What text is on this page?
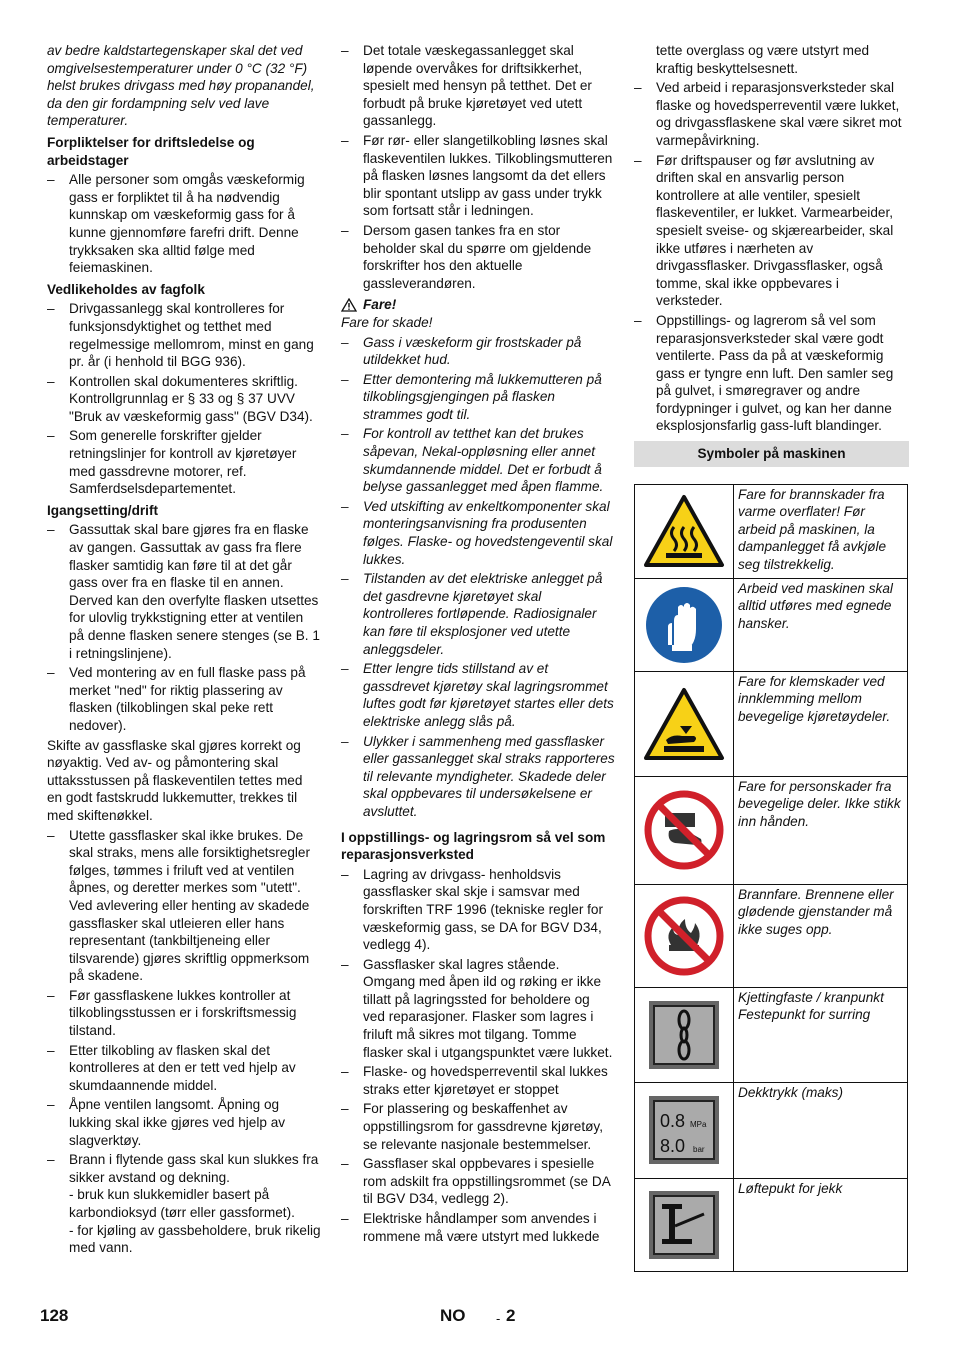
av bedre kaldstartegenskaper skal det ved omgivelsestemperaturer under 0 °C (32 °F) helst brukes drivgass med høy propanandel, da den gir fordampning selv ved lave temperaturer.

Forpliktelser for driftsledelse og arbeidstager

– Alle personer som omgås væskeformig gass er forpliktet til å ha nødvendig kunnskap om væskeformig gass for å kunne gjennomføre farefri drift. Denne trykksaken ska alltid følge med feiemaskinen.

Vedlikeholdes av fagfolk

– Drivgassanlegg skal kontrolleres for funksjonsdyktighet og tetthet med regelmessige mellomrom, minst en gang pr. år (i henhold til BGG 936).
– Kontrollen skal dokumenteres skriftlig. Kontrollgrunnlag er § 33 og § 37 UVV "Bruk av væskeformig gass" (BGV D34).
– Som generelle forskrifter gjelder retningslinjer for kontroll av kjøretøyer med gassdrevne motorer, ref. Samferdselsdepartementet.

Igangsetting/drift

– Gassuttak skal bare gjøres fra en flaske av gangen. Gassuttak av gass fra flere flasker samtidig kan føre til at det går gass over fra en flaske til en annen. Derved kan den overfylte flasken utsettes for ulovlig trykkstigning etter at ventilen på denne flasken senere stenges (se B. 1 i retningslinjene).
– Ved montering av en full flaske pass på merket "ned" for riktig plassering av flasken (tilkoblingen skal peke rett nedover).

Skifte av gassflaske skal gjøres korrekt og nøyaktig. Ved av- og påmontering skal uttaksstussen på flaskeventilen tettes med en godt fastskrudd lukkemutter, trekkes til med skiftenøkkel.

– Utette gassflasker skal ikke brukes. De skal straks, mens alle forsiktighetsregler følges, tømmes i friluft ved at ventilen åpnes, og deretter merkes som "utett". Ved avlevering eller henting av skadede gassflasker skal utleieren eller hans representant (tankbiltjeneing eller tilsvarende) gjøres skriftlig oppmerksom på skadene.
– Før gassflaskene lukkes kontroller at tilkoblingsstussen er i forskriftsmessig tilstand.
– Etter tilkobling av flasken skal det kontrolleres at den er tett ved hjelp av skumdaannende middel.
– Åpne ventilen langsomt. Åpning og lukking skal ikke gjøres ved hjelp av slagverktøy.
– Brann i flytende gass skal kun slukkes fra sikker avstand og dekning.

- bruk kun slukkemidler basert på karbondioksyd (tørr eller gassformet).

- for kjøling av gassbeholdere, bruk rikelig med vann.

– Det totale væskegassanlegget skal løpende overvåkes for driftsikkerhet, spesielt med hensyn på tetthet. Det er forbudt på bruke kjøretøyet ved utett gassanlegg.
– Før rør- eller slangetilkobling løsnes skal flaskeventilen lukkes. Tilkoblingsmutteren på flasken løsnes langsomt da det ellers blir spontant utslipp av gass under trykk som fortsatt står i ledningen.
– Dersom gasen tankes fra en stor beholder skal du spørre om gjeldende forskrifter hos den aktuelle gassleverandøren.
Fare!

Fare for skade!

– Gass i væskeform gir frostskader på utildekket hud.
– Etter demontering må lukkemutteren på tilkoblingsgjengingen på flasken strammes godt til.
– For kontroll av tetthet kan det brukes såpevan, Nekal-oppløsning eller annet skumdannende middel. Det er forbudt å belyse gassanlegget med åpen flamme.
– Ved utskifting av enkeltkomponenter skal monteringsanvisning fra produsenten følges. Flaske- og hovedstengeventil skal lukkes.
– Tilstanden av det elektriske anlegget på det gasdrevne kjøretøyet skal kontrolleres fortløpende. Radiosignaler kan føre til eksplosjoner ved utette anleggsdeler.
– Etter lengre tids stillstand av et gassdrevet kjøretøy skal lagringsrommet luftes godt før kjøretøyet startes eller dets elektriske anlegg slås på.
– Ulykker i sammenheng med gassflasker eller gassanlegget skal straks rapporteres til relevante myndigheter. Skadede deler skal oppbevares til undersøkelsene er avsluttet.

I oppstillings- og lagringsrom så vel som reparasjonsverksted

– Lagring av drivgass- henholdsvis gassflasker skal skje i samsvar med forskriften TRF 1996 (tekniske regler for væskeformig gass, se DA for BGV D34, vedlegg 4).
– Gassflasker skal lagres stående. Omgang med åpen ild og røking er ikke tillatt på lagringssted for beholdere og ved reparasjoner. Flasker som lagres i friluft må sikres mot tilgang. Tomme flasker skal i utgangspunktet være lukket.
– Flaske- og hovedsperreventil skal lukkes straks etter kjøretøyet er stoppet
– For plassering og beskaffenhet av oppstillingsrom for gassdrevne kjøretøy, se relevante nasjonale bestemmelser.
– Gassflaser skal oppbevares i spesielle rom adskilt fra oppstillingsrommet (se DA til BGV D34, vedlegg 2).
– Elektriske håndlamper som anvendes i rommene må være utstyrt med lukkede

tette overglass og være utstyrt med kraftig beskyttelsesnett.

– Ved arbeid i reparasjonsverksteder skal flaske og hovedsperreventil være lukket, og drivgassflaskene skal være sikret mot varmepåvirkning.
– Før driftspauser og før avslutning av driften skal en ansvarlig person kontrollere at alle ventiler, spesielt flaskeventiler, er lukket. Varmearbeider, spesielt sveise- og skjærearbeider, skal ikke utføres i nærheten av drivgassflasker. Drivgassflasker, også tomme, skal ikke oppbevares i verksteder.
– Oppstillings- og lagrerom så vel som reparasjonsverksteder skal være godt ventilerte. Pass da på at væskeformig gass er tyngre enn luft. Den samler seg på gulvet, i smøregraver og andre fordypninger i gulvet, og kan her danne eksplosjonsfarlig gass-luft blandinger.
Symboler på maskinen
	Fare for brannskader fra varme overflater! Før arbeid på maskinen, la dampanlegget få avkjøle seg tilstrekkelig.

	Arbeid ved maskinen skal alltid utføres med egnede hansker.

	Fare for klemskader ved innklemming mellom bevegelige kjøretøydeler.

	Fare for personskader fra bevegelige deler. Ikke stikk inn hånden.

	Brannfare. Brennene eller glødende gjenstander må ikke suges opp.

	Kjettingfaste / kranpunkt Festepunkt for surring

0.8 MPa
8.0 bar	Dekktrykk (maks)

	Løftepukt for jekk
128	NO - 2
